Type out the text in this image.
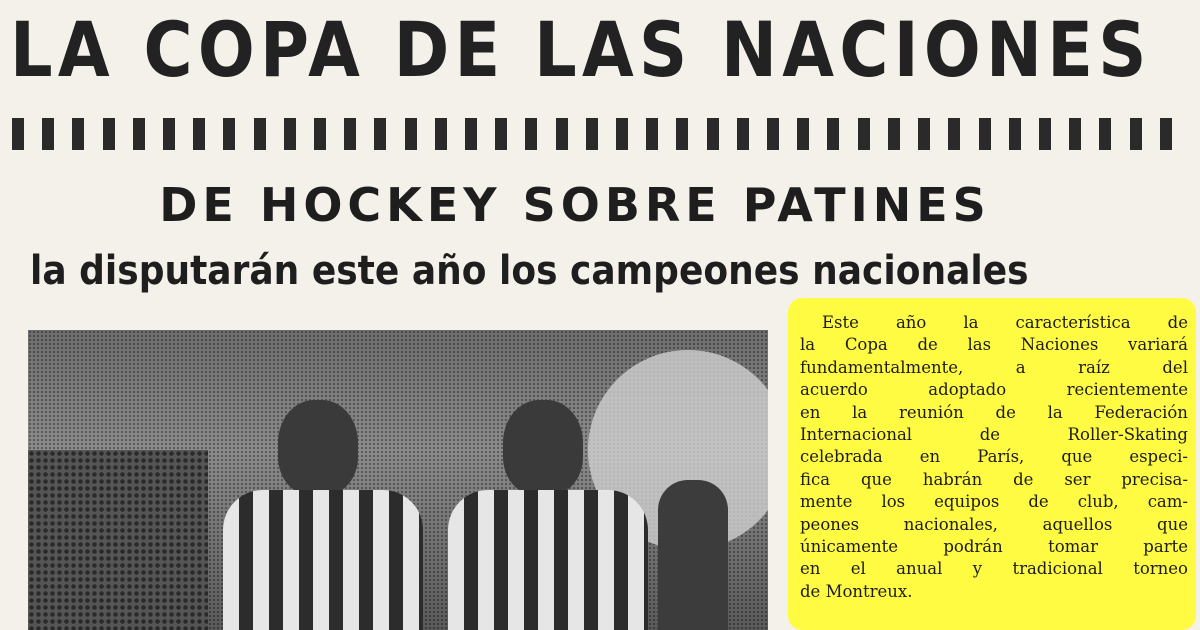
LA COPA DE LAS NACIONES
DE HOCKEY SOBRE PATINES
la disputarán este año los campeones nacionales
Este año la característica de
la Copa de las Naciones variará
fundamentalmente,	a	raíz	del
acuerdo	adoptado	recientemente
en la reunión de la Federación
Internacional	de	Roller-Skating
celebrada en París, que especi-
fica que habrán de ser precisa-
mente los equipos de club, cam-
peones	nacionales,	aquellos	que
únicamente	podrán	tomar	parte
en el anual y tradicional torneo
de Montreux.
